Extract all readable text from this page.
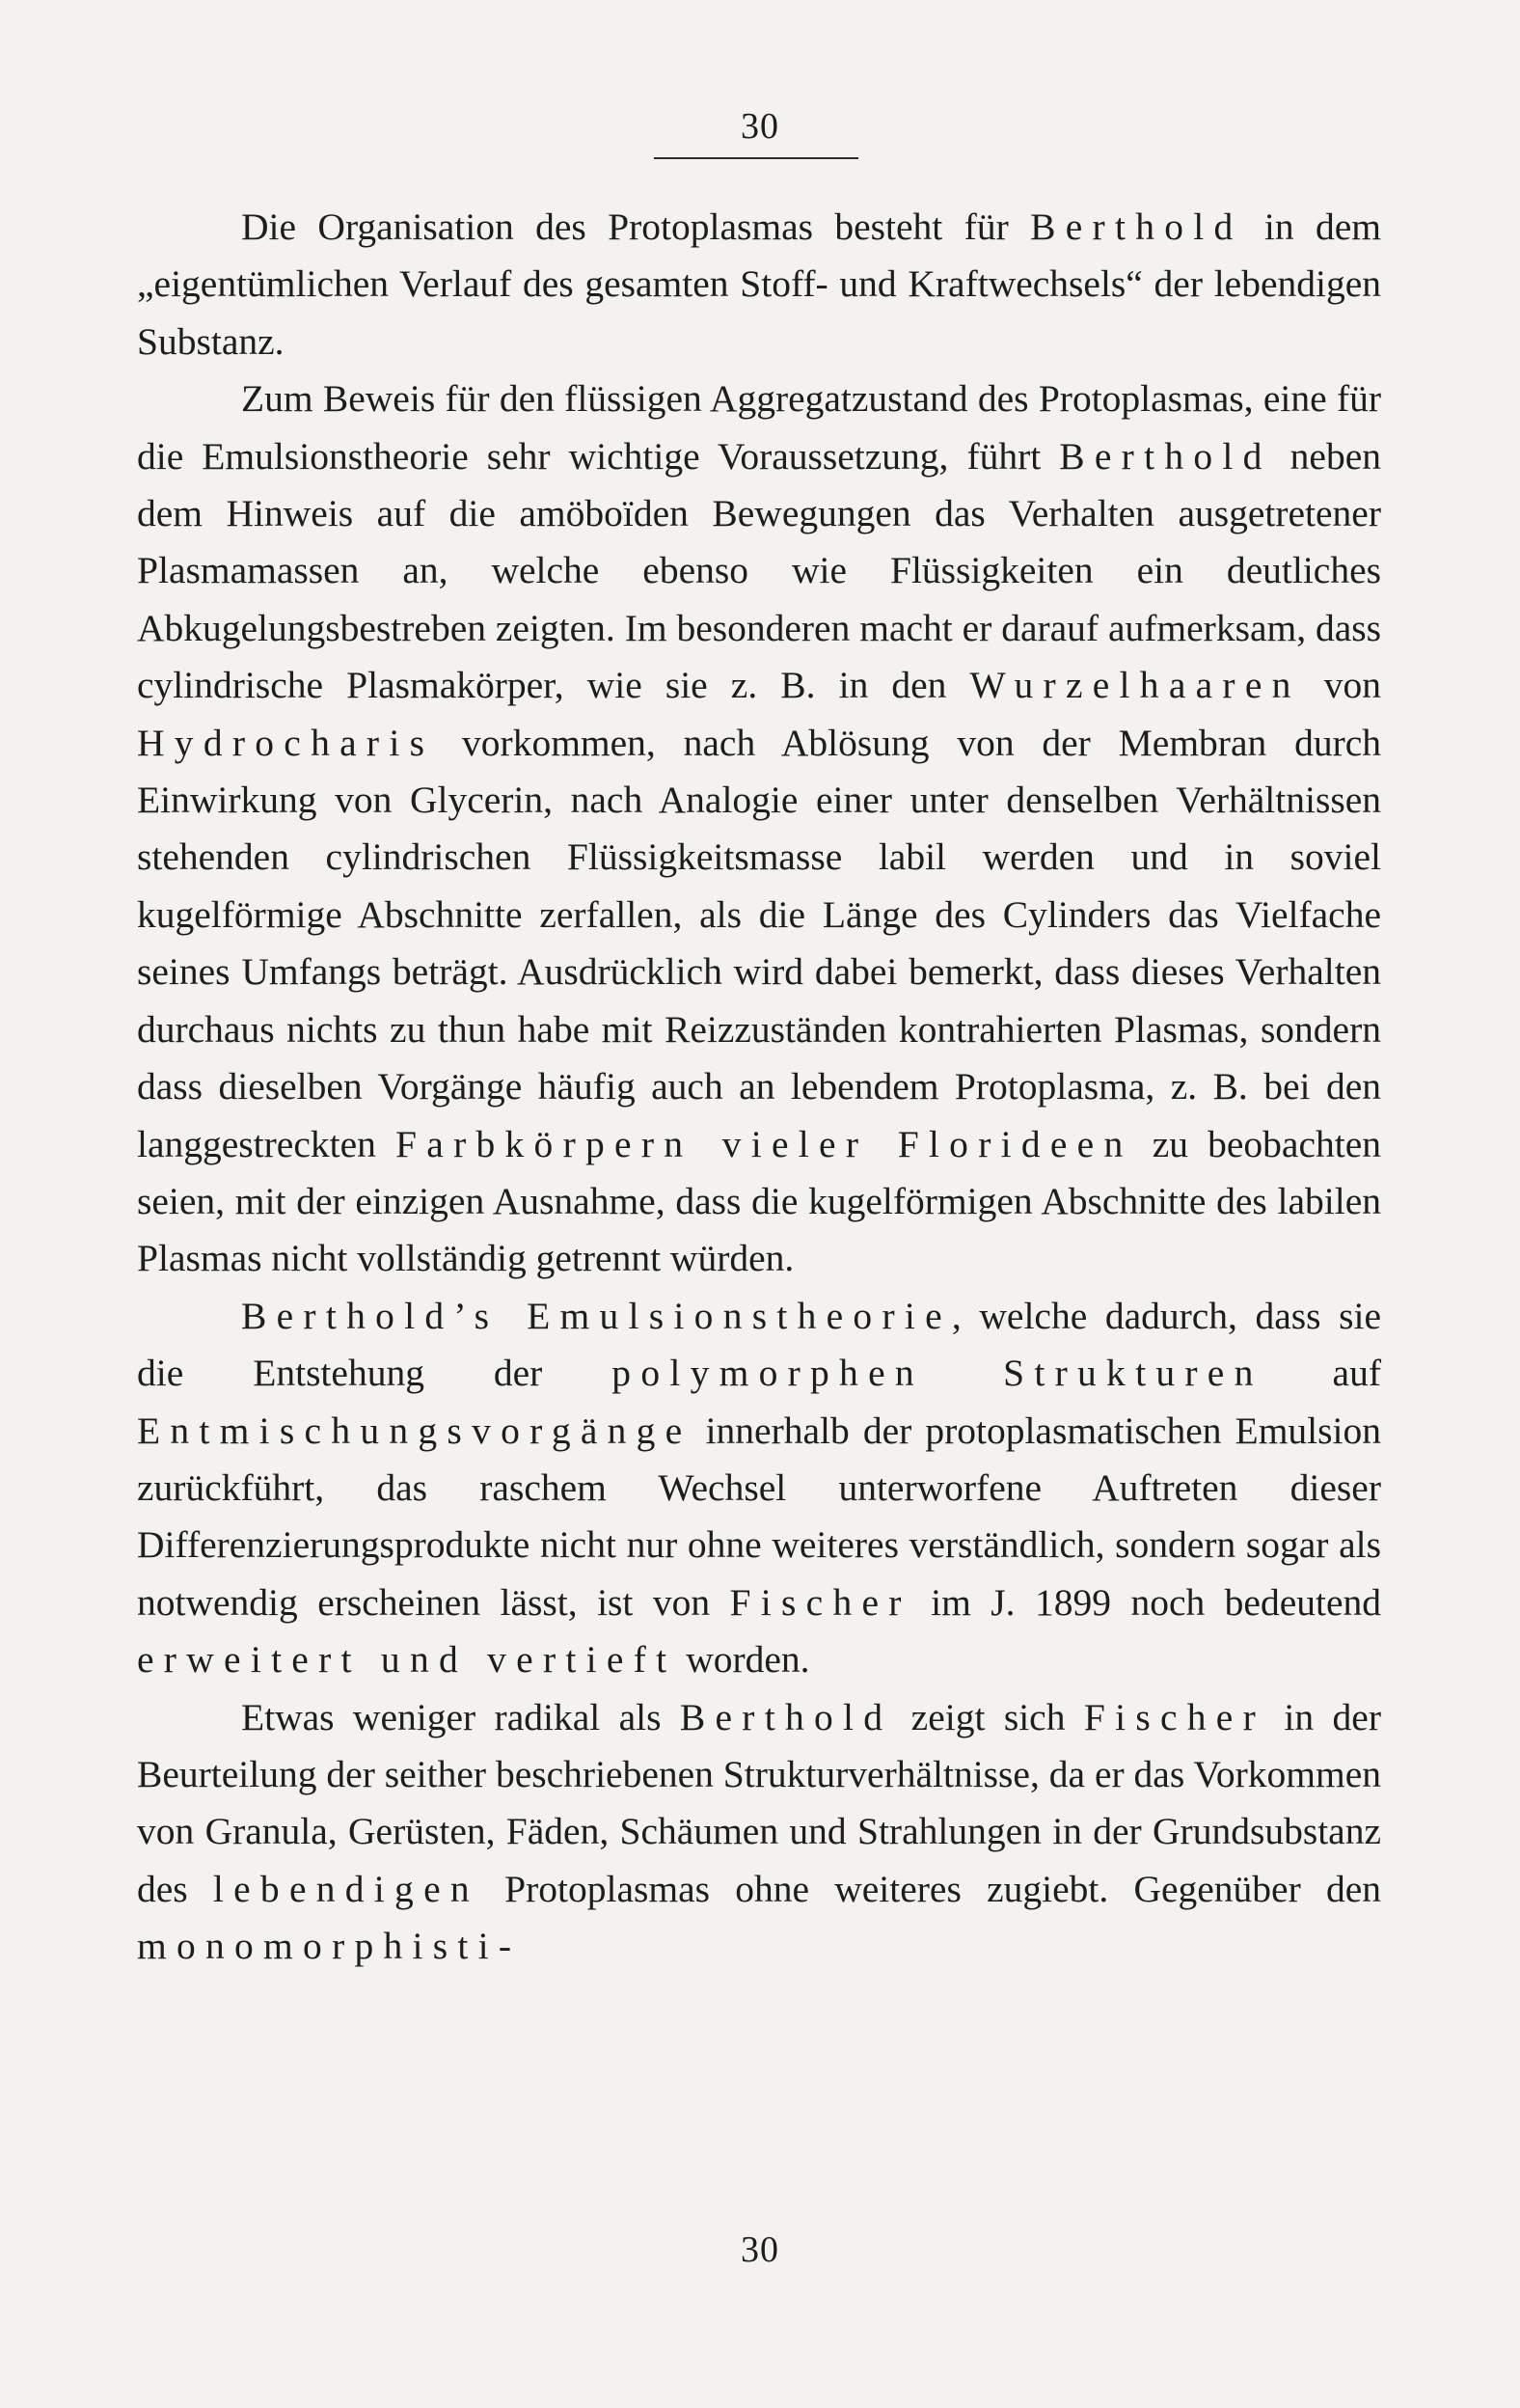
30

Die Organisation des Protoplasmas besteht für Berthold in dem „eigentümlichen Verlauf des gesamten Stoff- und Kraftwechsels“ der lebendigen Substanz.

Zum Beweis für den flüssigen Aggregatzustand des Protoplasmas, eine für die Emulsionstheorie sehr wichtige Voraussetzung, führt Berthold neben dem Hinweis auf die amöboïden Bewegungen das Verhalten ausgetretener Plasmamassen an, welche ebenso wie Flüssigkeiten ein deutliches Abkugelungsbestreben zeigten. Im besonderen macht er darauf aufmerksam, dass cylindrische Plasmakörper, wie sie z. B. in den Wurzelhaaren von Hydrocharis vorkommen, nach Ablösung von der Membran durch Einwirkung von Glycerin, nach Analogie einer unter denselben Verhältnissen stehenden cylindrischen Flüssigkeitsmasse labil werden und in soviel kugelförmige Abschnitte zerfallen, als die Länge des Cylinders das Vielfache seines Umfangs beträgt. Ausdrücklich wird dabei bemerkt, dass dieses Verhalten durchaus nichts zu thun habe mit Reizzuständen kontrahierten Plasmas, sondern dass dieselben Vorgänge häufig auch an lebendem Protoplasma, z. B. bei den langgestreckten Farbkörpern vieler Florideen zu beobachten seien, mit der einzigen Ausnahme, dass die kugelförmigen Abschnitte des labilen Plasmas nicht vollständig getrennt würden.

Berthold’s Emulsionstheorie, welche dadurch, dass sie die Entstehung der polymorphen Strukturen auf Entmischungsvorgänge innerhalb der protoplasmatischen Emulsion zurückführt, das raschem Wechsel unterworfene Auftreten dieser Differenzierungsprodukte nicht nur ohne weiteres verständlich, sondern sogar als notwendig erscheinen lässt, ist von Fischer im J. 1899 noch bedeutend erweitert und vertieft worden.

Etwas weniger radikal als Berthold zeigt sich Fischer in der Beurteilung der seither beschriebenen Strukturverhältnisse, da er das Vorkommen von Granula, Gerüsten, Fäden, Schäumen und Strahlungen in der Grundsubstanz des lebendigen Protoplasmas ohne weiteres zugiebt. Gegenüber den monomorphisti-

30
